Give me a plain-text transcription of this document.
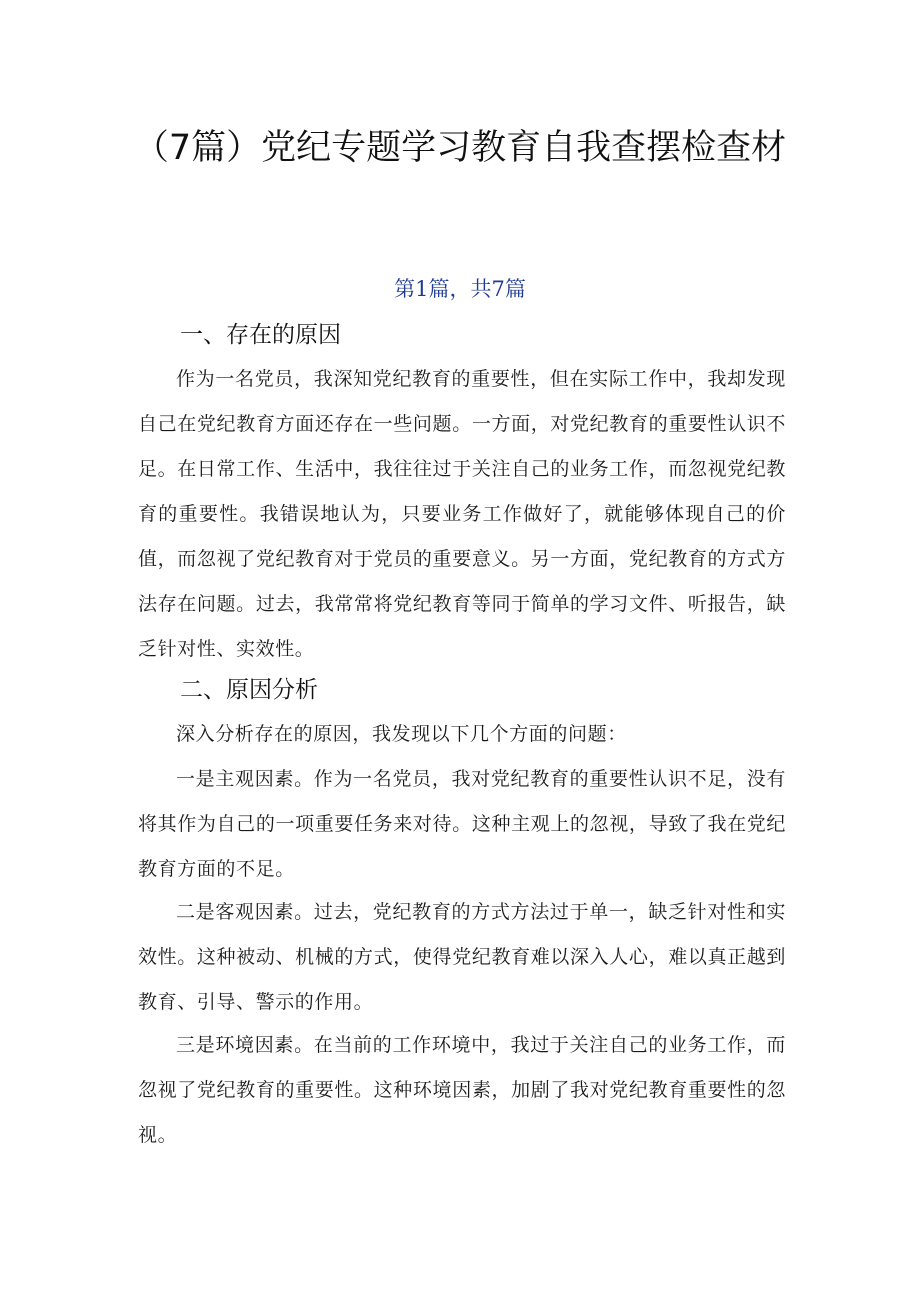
（7篇）党纪专题学习教育自我查摆检查材
第1篇，共7篇
一、存在的原因

作为一名党员，我深知党纪教育的重要性，但在实际工作中，我却发现自己在党纪教育方面还存在一些问题。一方面，对党纪教育的重要性认识不足。在日常工作、生活中，我往往过于关注自己的业务工作，而忽视党纪教育的重要性。我错误地认为，只要业务工作做好了，就能够体现自己的价值，而忽视了党纪教育对于党员的重要意义。另一方面，党纪教育的方式方法存在问题。过去，我常常将党纪教育等同于简单的学习文件、听报告，缺乏针对性、实效性。

二、原因分析

深入分析存在的原因，我发现以下几个方面的问题：

一是主观因素。作为一名党员，我对党纪教育的重要性认识不足，没有将其作为自己的一项重要任务来对待。这种主观上的忽视，导致了我在党纪教育方面的不足。

二是客观因素。过去，党纪教育的方式方法过于单一，缺乏针对性和实效性。这种被动、机械的方式，使得党纪教育难以深入人心，难以真正越到教育、引导、警示的作用。

三是环境因素。在当前的工作环境中，我过于关注自己的业务工作，而忽视了党纪教育的重要性。这种环境因素，加剧了我对党纪教育重要性的忽视。
